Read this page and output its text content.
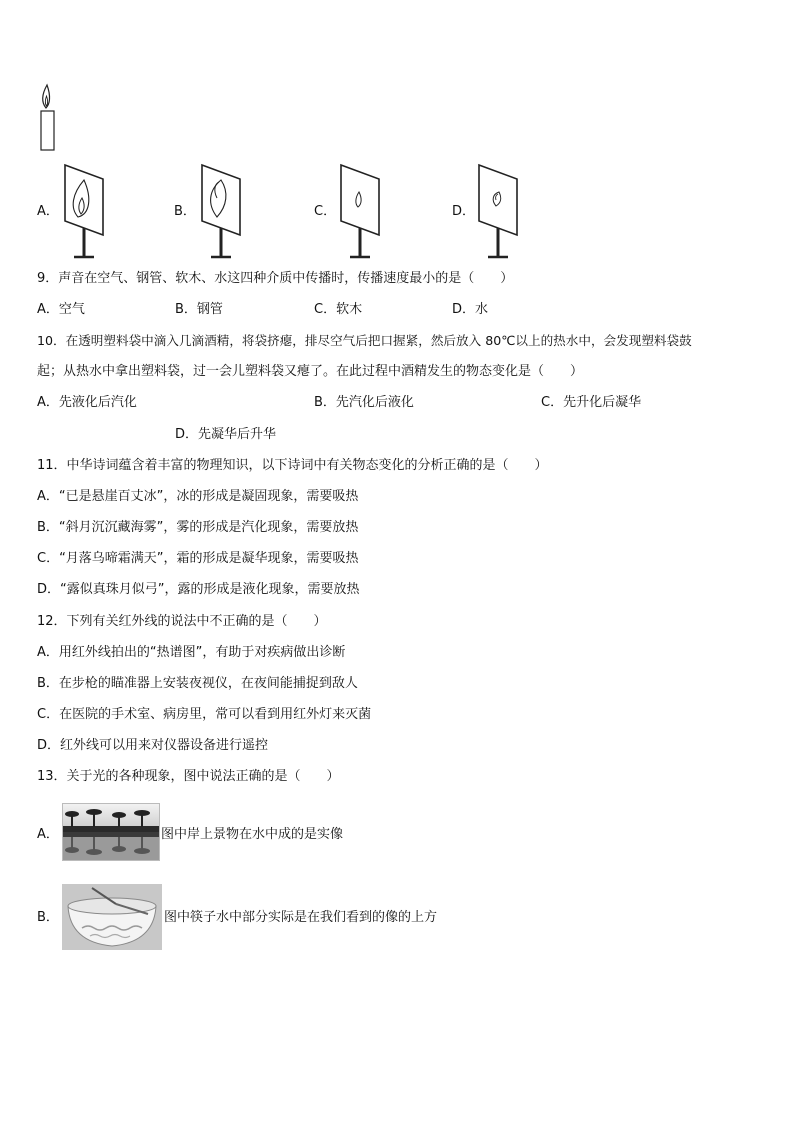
A．	B．	C．	D．
9．声音在空气、钢管、软木、水这四种介质中传播时，传播速度最小的是（　　）
A．空气	B．钢管	C．软木	D．水
10．在透明塑料袋中滴入几滴酒精，将袋挤瘪，排尽空气后把口握紧，然后放入 80℃以上的热水中，会发现塑料袋鼓
起；从热水中拿出塑料袋，过一会儿塑料袋又瘪了。在此过程中酒精发生的物态变化是（　　）
A．先液化后汽化	B．先汽化后液化	C．先升化后凝华
D．先凝华后升华
11．中华诗词蕴含着丰富的物理知识，以下诗词中有关物态变化的分析正确的是（　　）
A．“已是悬崖百丈冰”，冰的形成是凝固现象，需要吸热
B．“斜月沉沉藏海雾”，雾的形成是汽化现象，需要放热
C．“月落乌啼霜满天”，霜的形成是凝华现象，需要吸热
D．“露似真珠月似弓”，露的形成是液化现象，需要放热
12．下列有关红外线的说法中不正确的是（　　）
A．用红外线拍出的“热谱图”，有助于对疾病做出诊断
B．在步枪的瞄准器上安装夜视仪，在夜间能捕捉到敌人
C．在医院的手术室、病房里，常可以看到用红外灯来灭菌
D．红外线可以用来对仪器设备进行遥控
13．关于光的各种现象，图中说法正确的是（　　）
A．	图中岸上景物在水中成的是实像
B．	图中筷子水中部分实际是在我们看到的像的上方
